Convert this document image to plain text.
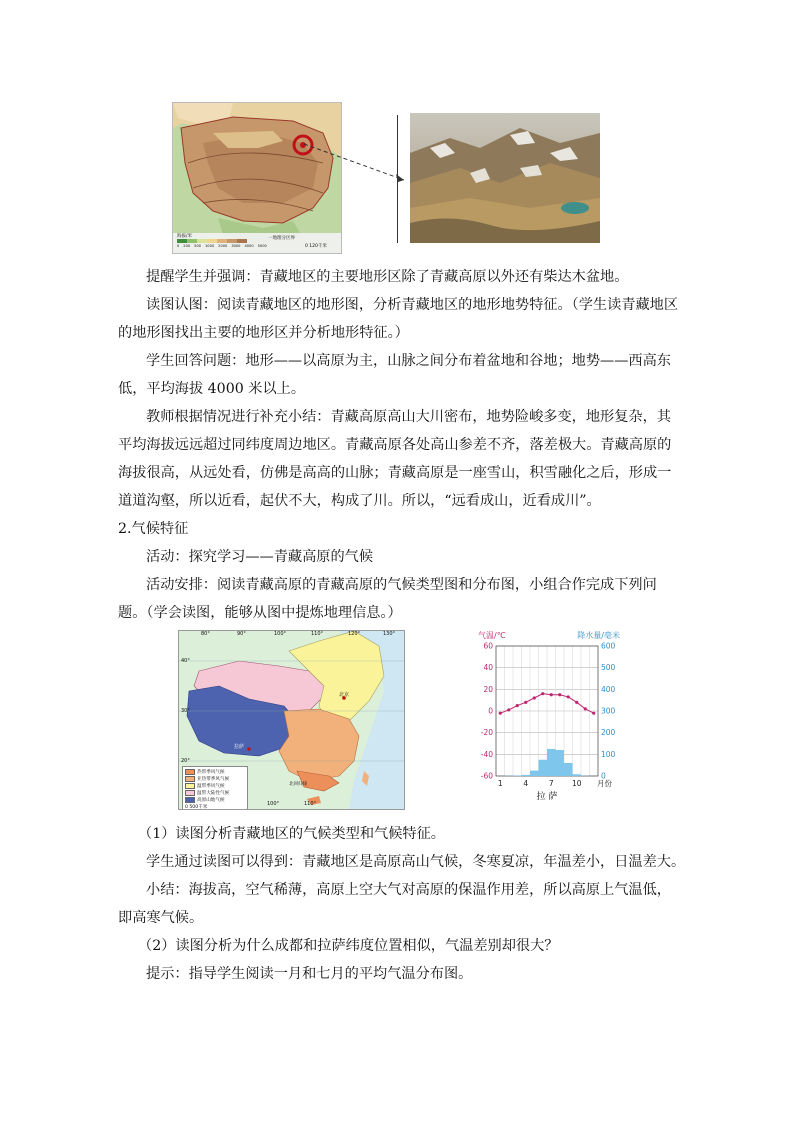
海拔/米
0 200 500 1000 2000 3000 4000 5000
一地理分区界
0 120千米
提醒学生并强调：青藏地区的主要地形区除了青藏高原以外还有柴达木盆地。
读图认图：阅读青藏地区的地形图，分析青藏地区的地形地势特征。（学生读青藏地区的地形图找出主要的地形区并分析地形特征。）
学生回答问题：地形——以高原为主，山脉之间分布着盆地和谷地；地势——西高东低，平均海拔 4000 米以上。
教师根据情况进行补充小结：青藏高原高山大川密布，地势险峻多变，地形复杂，其平均海拔远远超过同纬度周边地区。青藏高原各处高山参差不齐，落差极大。青藏高原的海拔很高，从远处看，仿佛是高高的山脉；青藏高原是一座雪山，积雪融化之后，形成一道道沟壑，所以近看，起伏不大，构成了川。所以，“远看成山，近看成川”。
2.气候特征
活动：探究学习——青藏高原的气候
活动安排：阅读青藏高原的青藏高原的气候类型图和分布图，小组合作完成下列问题。（学会读图，能够从图中提炼地理信息。）
80°	90°	100°	110°	120°	130°
100°	110°
40°
30°
20°
北京
拉萨
北回归线
热带季风气候
亚热带季风气候
温带季风气候
温带大陆性气候
高原山地气候
0 500千米
60
40
20
0
-20
-40
-60
600
500
400
300
200
100
0
1	4	7 10 月份
气温/℃	降水量/毫米
拉 萨
（1）读图分析青藏地区的气候类型和气候特征。
学生通过读图可以得到：青藏地区是高原高山气候，冬寒夏凉，年温差小，日温差大。
小结：海拔高，空气稀薄，高原上空大气对高原的保温作用差，所以高原上气温低，即高寒气候。
（2）读图分析为什么成都和拉萨纬度位置相似，气温差别却很大？
提示：指导学生阅读一月和七月的平均气温分布图。
